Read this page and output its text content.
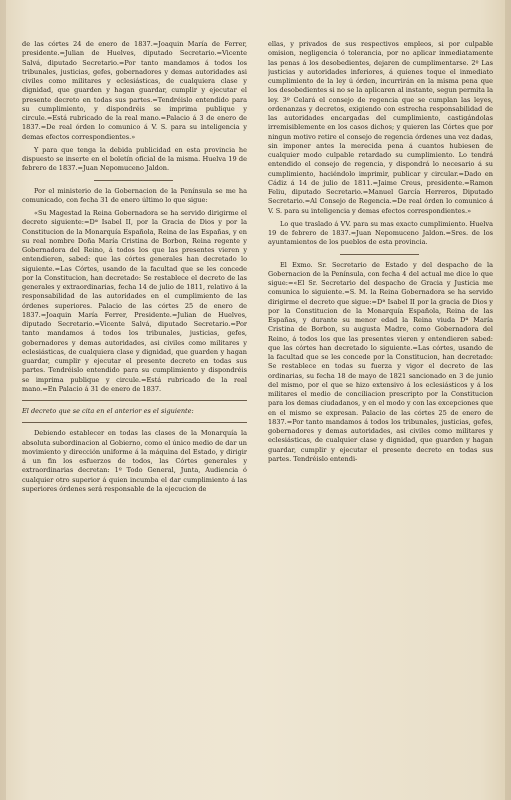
de las córtes 24 de enero de 1837.=Joaquin María de Ferrer, presidente.=Julian de Huelves, diputado Secretario.=Vicente Salvá, diputado Secretario.=Por tanto mandamos á todos los tribunales, justicias, gefes, gobernadores y demas autoridades asi civiles como militares y eclesiásticas, de cualquiera clase y dignidad, que guarden y hagan guardar, cumplir y ejecutar el presente decreto en todas sus partes.=Tendréislo entendido para su cumplimiento, y dispondréis se imprima publique y circule.=Está rubricado de la real mano.=Palacio á 3 de enero de 1837.=De real órden lo comunico á V. S. para su inteligencia y demas efectos correspondientes.»

Y para que tenga la debida publicidad en esta provincia he dispuesto se inserte en el boletín oficial de la misma. Huelva 19 de febrero de 1837.=Juan Nepomuceno Jaldon.

Por el ministerio de la Gobernacion de la Península se me ha comunicado, con fecha 31 de enero último lo que sigue:

«Su Magestad la Reina Gobernadora se ha servido dirigirme el decreto siguiente:=Dª Isabel II, por la Gracia de Dios y por la Constitucion de la Monarquía Española, Reina de las Españas, y en su real nombre Doña María Cristina de Borbon, Reina regente y Gobernadora del Reino, á todos los que las presentes vieren y entendieren, sabed: que las córtes generales han decretado lo siguiente.=Las Córtes, usando de la facultad que se les concede por la Constitucion, han decretado: Se restablece el decreto de las generales y extraordinarias, fecha 14 de julio de 1811, relativo á la responsabilidad de las autoridades en el cumplimiento de las órdenes superiores. Palacio de las córtes 25 de enero de 1837.=Joaquin María Ferrer, Presidente.=Julian de Huelves, diputado Secretario.=Vicente Salvá, diputado Secretario.=Por tanto mandamos á todos los tribunales, justicias, gefes, gobernadores y demas autoridades, asi civiles como militares y eclesiásticas, de cualquiera clase y dignidad, que guarden y hagan guardar, cumplir y ejecutar el presente decreto en todas sus partes. Tendréislo entendido para su cumplimiento y dispondréis se imprima publique y circule.=Está rubricado de la real mano.=En Palacio á 31 de enero de 1837.

El decreto que se cita en el anterior es el siguiente:

Debiendo establecer en todas las clases de la Monarquía la absoluta subordinacion al Gobierno, como el único medio de dar un movimiento y dirección uniforme á la máquina del Estado, y dirigir á un fin los esfuerzos de todos, las Córtes generales y extraordinarias decretan: 1º Todo General, Junta, Audiencia ó cualquier otro superior á quien incumba el dar cumplimiento á las superiores órdenes será responsable de la ejecucion de

ellas, y privados de sus respectivos empleos, si por culpable omision, negligencia ó tolerancia, por no aplicar inmediatamente las penas á los desobedientes, dejaren de cumplimentarse. 2º Las justicias y autoridades inferiores, á quienes toque el inmediato cumplimiento de la ley ú órden, incurrirán en la misma pena que los desobedientes si no se la aplicaren al instante, segun permita la ley. 3º Celará el consejo de regencia que se cumplan las leyes, ordenanzas y decretos, exigiendo con estrecha responsabilidad de las autoridades encargadas del cumplimiento, castigándolas irremisiblemente en los casos dichos; y quieren las Córtes que por ningun motivo retire el consejo de regencia órdenes una vez dadas, sin imponer antes la merecida pena á cuantos hubiesen de cualquier modo culpable retardado su cumplimiento. Lo tendrá entendido el consejo de regencia, y dispondrá lo necesario á su cumplimiento, haciéndolo imprimir, publicar y circular.=Dado en Cádiz á 14 de julio de 1811.=Jaime Creus, presidente.=Ramon Feliu, diputado Secretario.=Manuel García Herreros, Diputado Secretario.=Al Consejo de Regencia.=De real órden lo comunico á V. S. para su inteligencia y demas efectos correspondientes.»

Lo que traslado á VV. para su mas exacto cumplimiento. Huelva 19 de febrero de 1837.=Juan Nepomuceno Jaldon.=Sres. de los ayuntamientos de los pueblos de esta provincia.

El Exmo. Sr. Secretario de Estado y del despacho de la Gobernacion de la Península, con fecha 4 del actual me dice lo que sigue:=«El Sr. Secretario del despacho de Gracia y Justicia me comunica lo siguiente.=S. M. la Reina Gobernadora se ha servido dirigirme el decreto que sigue:=Dª Isabel II por la gracia de Dios y por la Constitucion de la Monarquía Española, Reina de las Españas, y durante su menor edad la Reina viuda Dª María Cristina de Borbon, su augusta Madre, como Gobernadora del Reino, á todos los que las presentes vieren y entendieren sabed: que las córtes han decretado lo siguiente.=Las córtes, usando de la facultad que se les concede por la Constitucion, han decretado: Se restablece en todas su fuerza y vigor el decreto de las ordinarias, su fecha 18 de mayo de 1821 sancionado en 3 de junio del mismo, por el que se hizo extensivo á los eclesiásticos y á los militares el medio de conciliacion prescripto por la Constitucion para los demas ciudadanos, y en el modo y con las excepciones que en el mismo se expresan. Palacio de las córtes 25 de enero de 1837.=Por tanto mandamos á todos los tribunales, justicias, gefes, gobernadores y demas autoridades, asi civiles como militares y eclesiásticas, de cualquier clase y dignidad, que guarden y hagan guardar, cumplir y ejecutar el presente decreto en todas sus partes. Tendréislo entendi-
